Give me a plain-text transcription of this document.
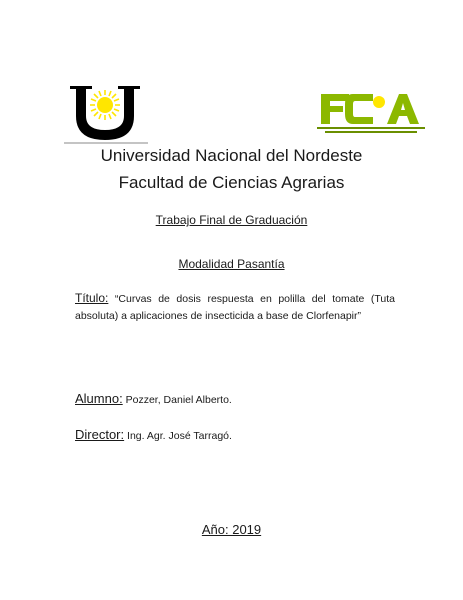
Universidad Nacional del Nordeste
Facultad de Ciencias Agrarias
Trabajo Final de Graduación
Modalidad Pasantía
Título: “Curvas de dosis respuesta en polilla del tomate (Tuta absoluta) a aplicaciones de insecticida a base de Clorfenapir”
Alumno: Pozzer, Daniel Alberto.
Director: Ing. Agr. José Tarragó.
Año: 2019
